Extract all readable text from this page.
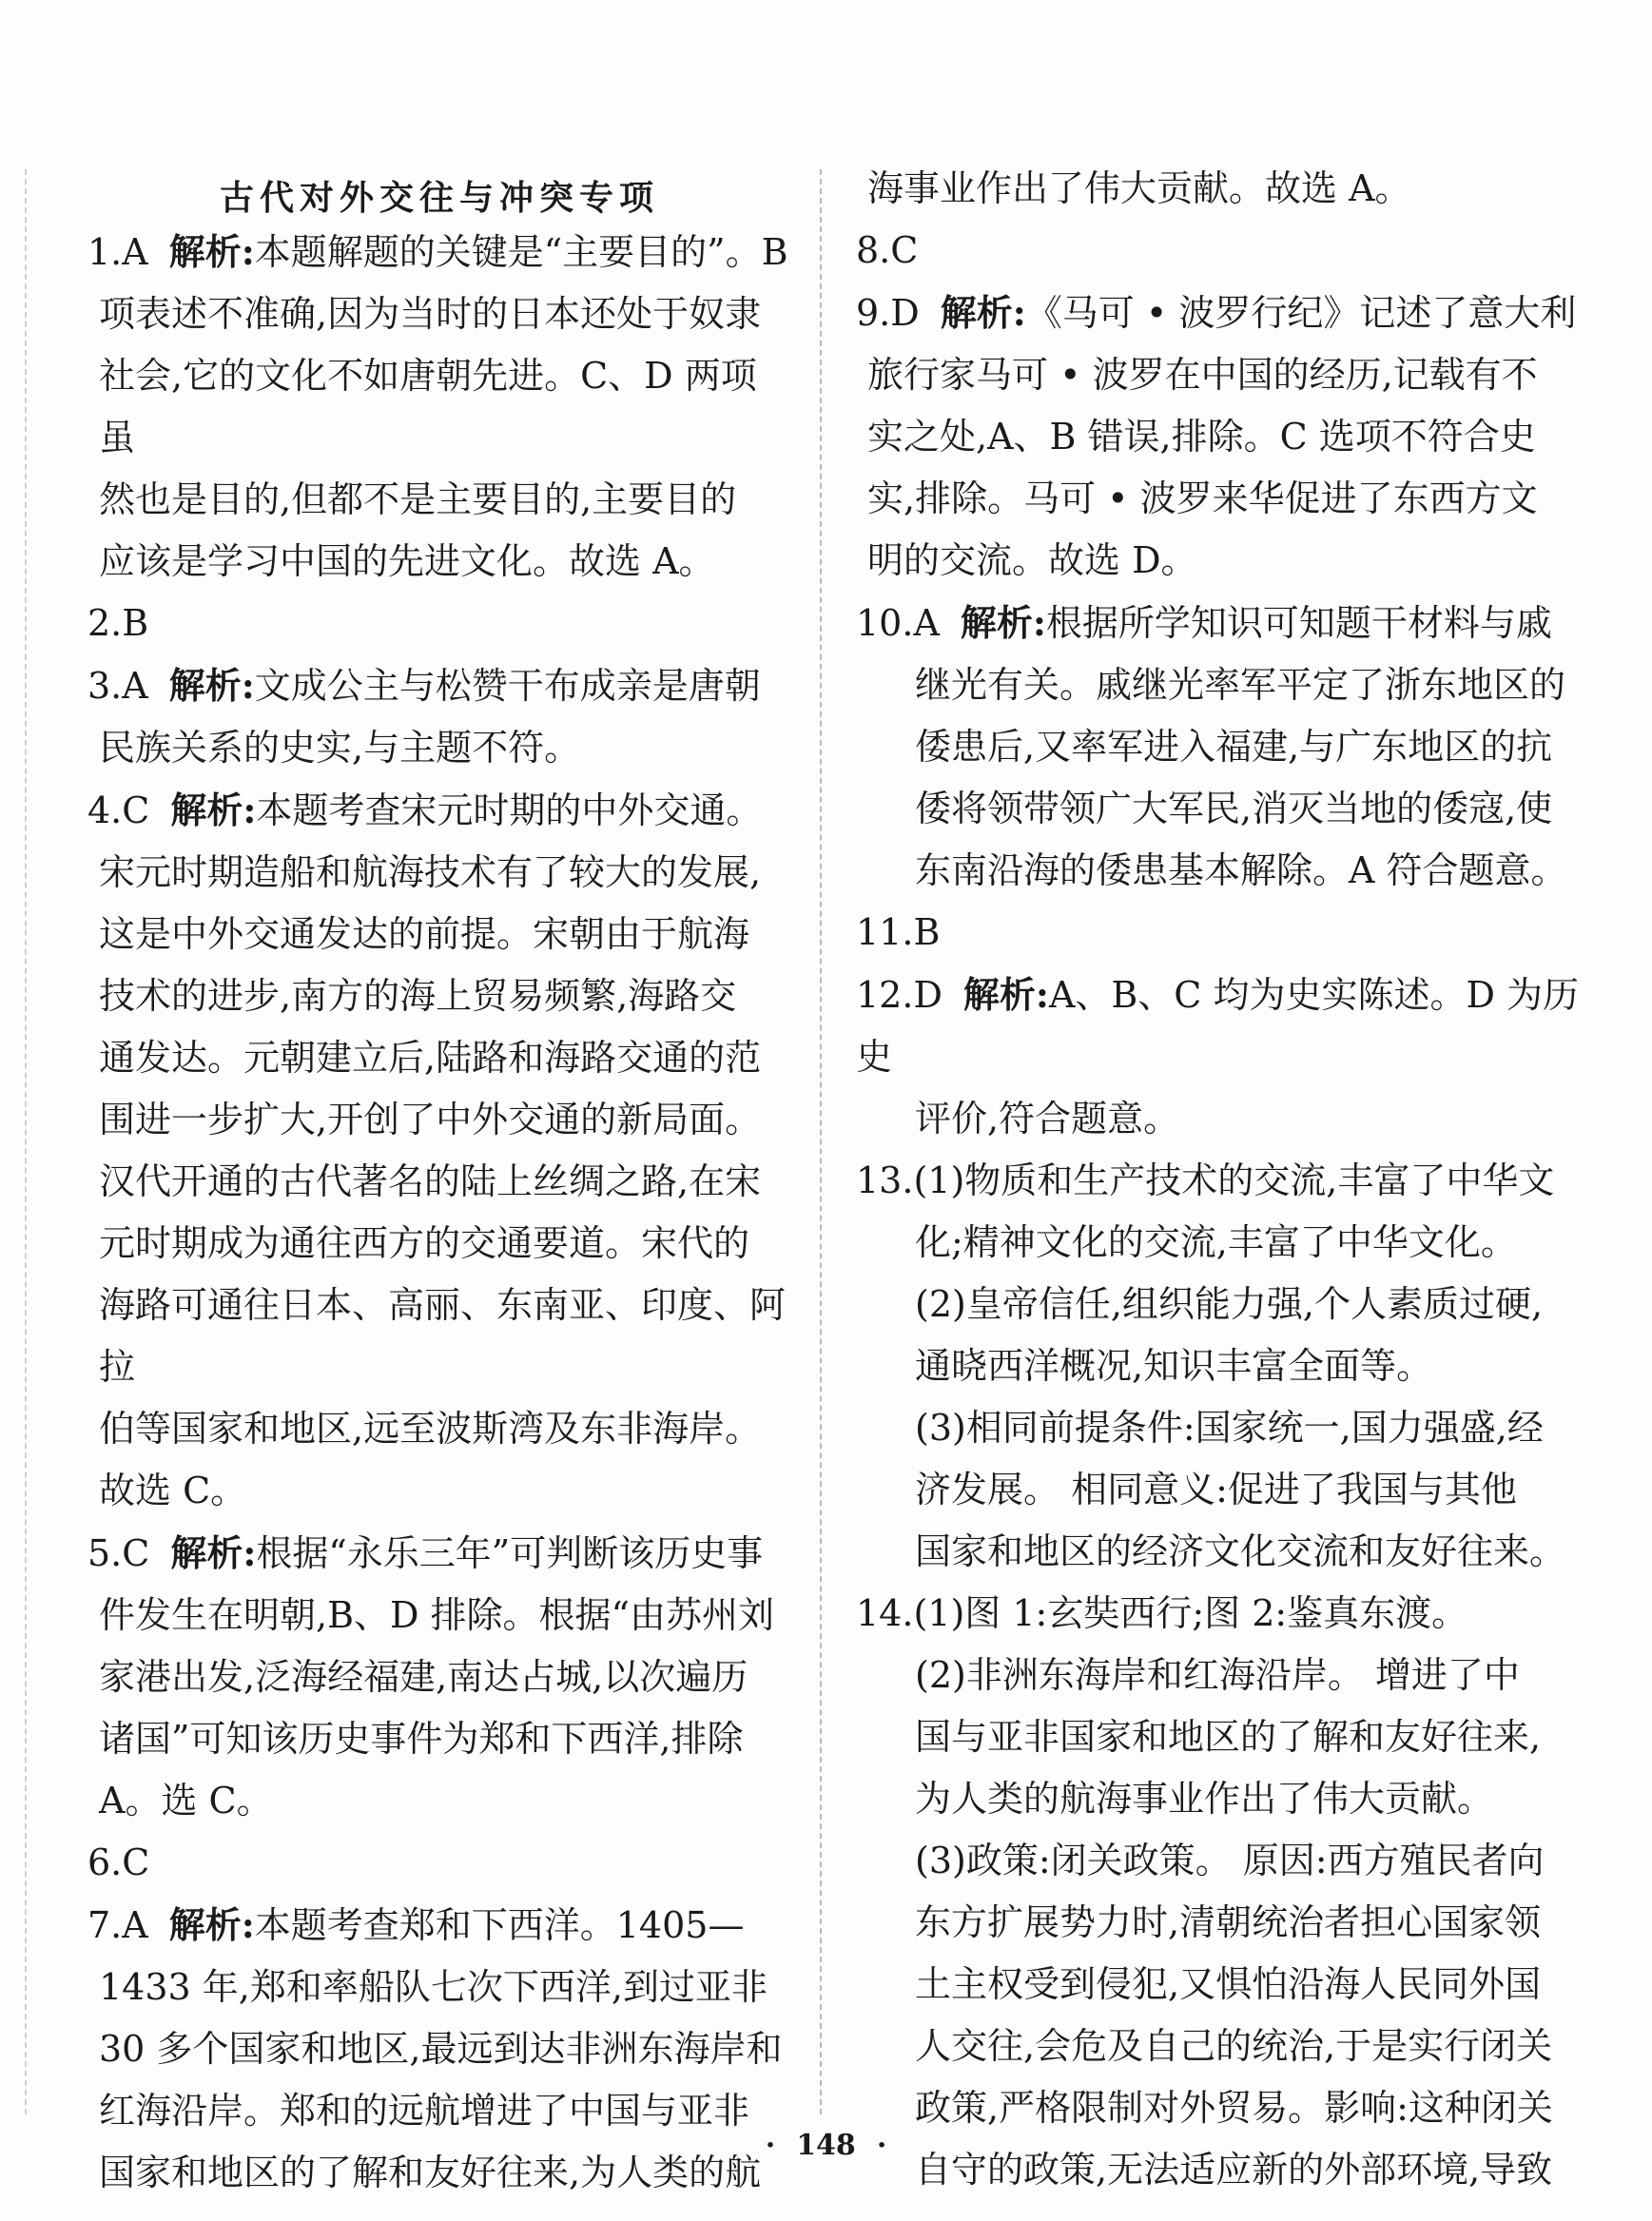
古代对外交往与冲突专项
1.A 解析:本题解题的关键是“主要目的”。B
项表述不准确,因为当时的日本还处于奴隶
社会,它的文化不如唐朝先进。C、D 两项虽
然也是目的,但都不是主要目的,主要目的
应该是学习中国的先进文化。故选 A。
2.B
3.A 解析:文成公主与松赞干布成亲是唐朝
民族关系的史实,与主题不符。
4.C 解析:本题考查宋元时期的中外交通。
宋元时期造船和航海技术有了较大的发展,
这是中外交通发达的前提。宋朝由于航海
技术的进步,南方的海上贸易频繁,海路交
通发达。元朝建立后,陆路和海路交通的范
围进一步扩大,开创了中外交通的新局面。
汉代开通的古代著名的陆上丝绸之路,在宋
元时期成为通往西方的交通要道。宋代的
海路可通往日本、高丽、东南亚、印度、阿拉
伯等国家和地区,远至波斯湾及东非海岸。
故选 C。
5.C 解析:根据“永乐三年”可判断该历史事
件发生在明朝,B、D 排除。根据“由苏州刘
家港出发,泛海经福建,南达占城,以次遍历
诸国”可知该历史事件为郑和下西洋,排除
A。选 C。
6.C
7.A 解析:本题考查郑和下西洋。1405—
1433 年,郑和率船队七次下西洋,到过亚非
30 多个国家和地区,最远到达非洲东海岸和
红海沿岸。郑和的远航增进了中国与亚非
国家和地区的了解和友好往来,为人类的航
海事业作出了伟大贡献。故选 A。
8.C
9.D 解析:《马可 • 波罗行纪》记述了意大利
旅行家马可 • 波罗在中国的经历,记载有不
实之处,A、B 错误,排除。C 选项不符合史
实,排除。马可 • 波罗来华促进了东西方文
明的交流。故选 D。
10.A 解析:根据所学知识可知题干材料与戚
继光有关。戚继光率军平定了浙东地区的
倭患后,又率军进入福建,与广东地区的抗
倭将领带领广大军民,消灭当地的倭寇,使
东南沿海的倭患基本解除。A 符合题意。
11.B
12.D 解析:A、B、C 均为史实陈述。D 为历史
评价,符合题意。
13.(1)物质和生产技术的交流,丰富了中华文
化;精神文化的交流,丰富了中华文化。
(2)皇帝信任,组织能力强,个人素质过硬,
通晓西洋概况,知识丰富全面等。
(3)相同前提条件:国家统一,国力强盛,经
济发展。 相同意义:促进了我国与其他
国家和地区的经济文化交流和友好往来。
14.(1)图 1:玄奘西行;图 2:鉴真东渡。
(2)非洲东海岸和红海沿岸。 增进了中
国与亚非国家和地区的了解和友好往来,
为人类的航海事业作出了伟大贡献。
(3)政策:闭关政策。 原因:西方殖民者向
东方扩展势力时,清朝统治者担心国家领
土主权受到侵犯,又惧怕沿海人民同外国
人交往,会危及自己的统治,于是实行闭关
政策,严格限制对外贸易。影响:这种闭关
自守的政策,无法适应新的外部环境,导致
· 148 ·
